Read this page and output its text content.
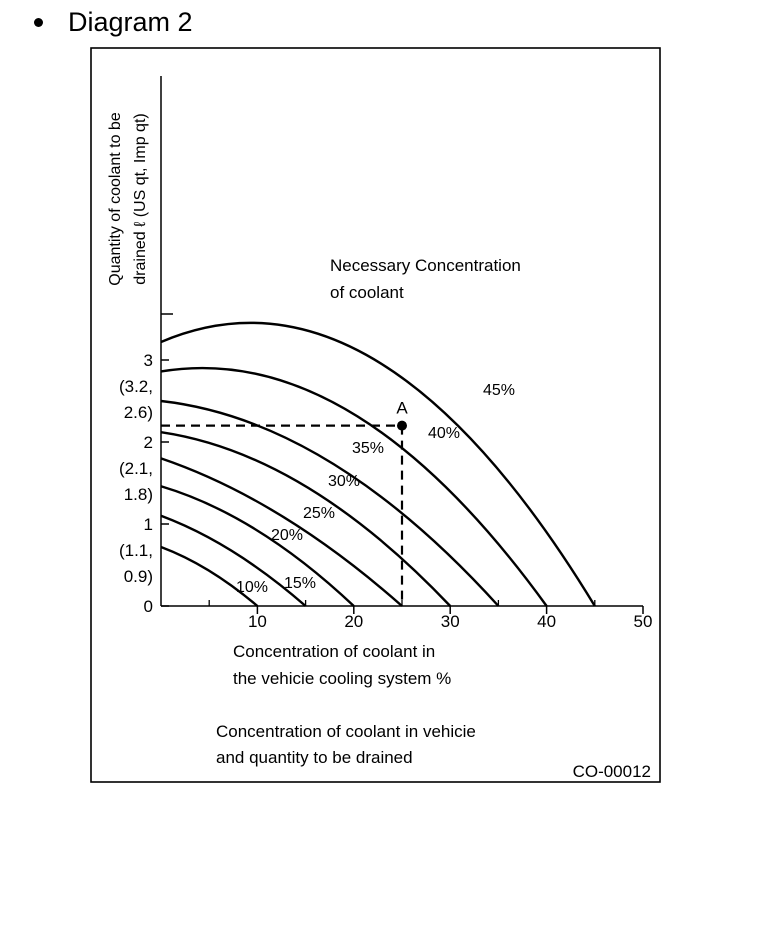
Diagram 2
10% 15%
20%
25%
30%
35%
40%
45%
10	20	30	40	50
0
1
(1.1,
0.9)
2
(2.1,
1.8)
3
(3.2,
2.6)	A
Necessary Concentration
of coolant
Quantity of coolant to be drained ℓ (US qt, Imp qt)
Concentration of coolant in
the vehicie cooling system %
Concentration of coolant in vehicie
and quantity to be drained
CO-00012
